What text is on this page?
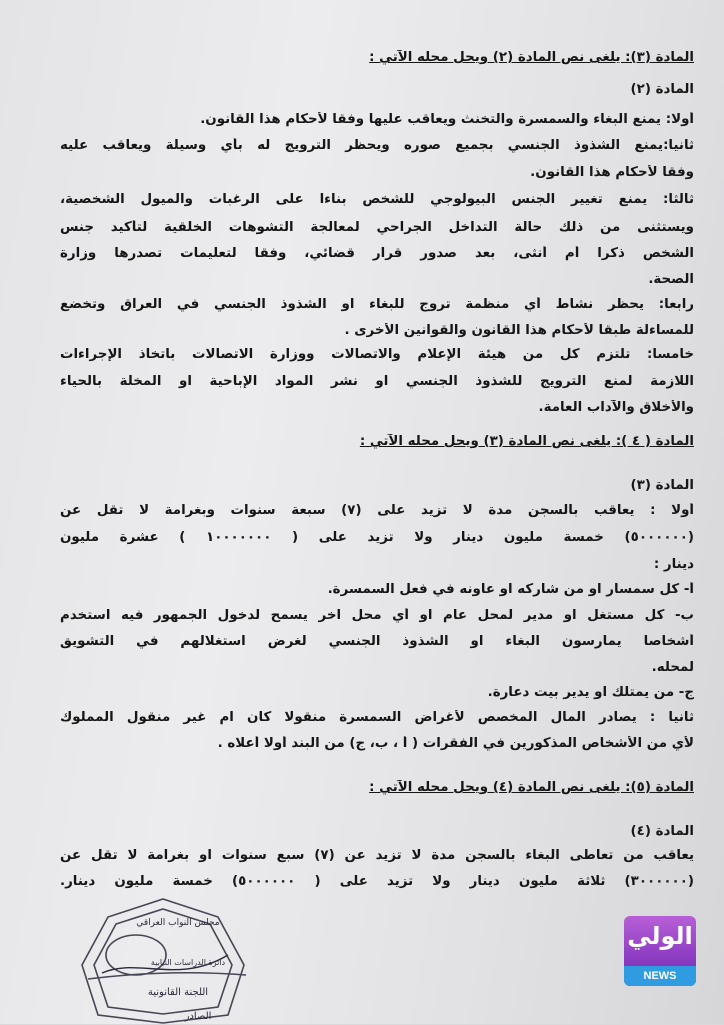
المادة (٣): يلغى نص المادة (٢) ويحل محله الآتي :
المادة (٢)
أولا: يمنع البغاء والسمسرة والتخنث ويعاقب عليها وفقا لأحكام هذا القانون.
ثانيا:يمنع الشذوذ الجنسي بجميع صوره ويحظر الترويج له بأي وسيلة ويعاقب عليه
وفقا لأحكام هذا القانون.
ثالثا: يمنع تغيير الجنس البيولوجي للشخص بناءا على الرغبات والميول الشخصية،
ويستثنى من ذلك حالة التداخل الجراحي لمعالجة التشوهات الخلقية لتأكيد جنس
الشخص ذكرا أم أنثى، بعد صدور قرار قضائي، وفقا لتعليمات تصدرها وزارة
الصحة.
رابعا: يحظر نشاط أي منظمة تروج للبغاء او الشذوذ الجنسي في العراق وتخضع
للمساءلة طبقا لأحكام هذا القانون والقوانين الأخرى .
خامسا: تلتزم كل من هيئة الإعلام والاتصالات ووزارة الاتصالات باتخاذ الإجراءات
اللازمة لمنع الترويج للشذوذ الجنسي او نشر المواد الإباحية او المخلة بالحياء
والأخلاق والآداب العامة.
المادة ( ٤ ): يلغى نص المادة (٣) ويحل محله الآتي :
المادة (٣)
أولا : يعاقب بالسجن مدة لا تزيد على (٧) سبعة سنوات وبغرامة لا تقل عن
(٥٠٠٠٠٠٠) خمسة مليون دينار ولا تزيد على ( ١٠٠٠٠٠٠٠ ) عشرة مليون
دينار :
أ- كل سمسار او من شاركه او عاونه في فعل السمسرة.
ب- كل مستغل او مدير لمحل عام او أي محل آخر يسمح لدخول الجمهور فيه استخدم
أشخاصا يمارسون البغاء او الشذوذ الجنسي لغرض استغلالهم في التشويق
لمحله.
ج- من يمتلك او يدير بيت دعارة.
ثانيا : يصادر المال المخصص لأغراض السمسرة منقولا كان ام غير منقول المملوك
لأي من الأشخاص المذكورين في الفقرات ( أ ، ب، ج) من البند أولا أعلاه .
المادة (٥): يلغى نص المادة (٤) ويحل محله الآتي :
المادة (٤)
يعاقب من تعاطى البغاء بالسجن مدة لا تزيد عن (٧) سبع سنوات او بغرامة لا تقل عن
(٣٠٠٠٠٠٠) ثلاثة مليون دينار ولا تزيد على ( ٥٠٠٠٠٠٠) خمسة مليون دينار.
مجلس النواب العراقي
دائرة الدراسات النيابية
اللجنة القانونية
الصادر
الولي
NEWS
